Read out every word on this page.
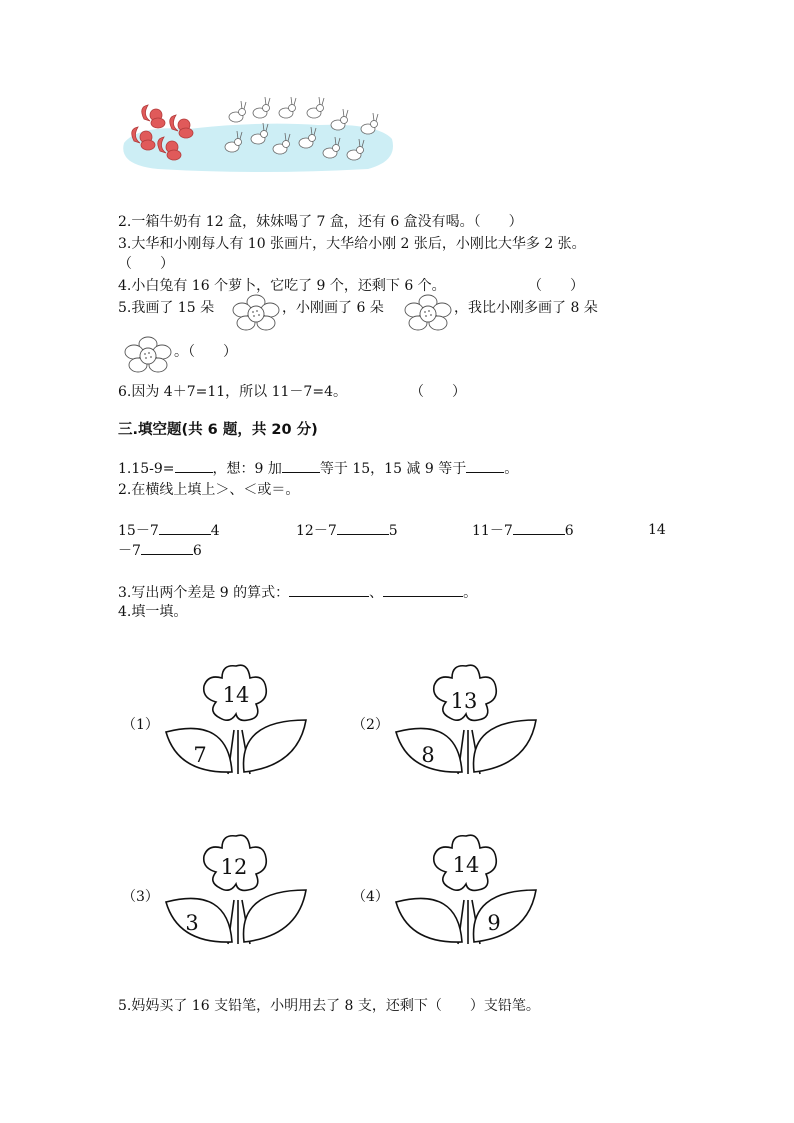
2.一箱牛奶有 12 盒，妹妹喝了 7 盒，还有 6 盒没有喝。（　　）
3.大华和小刚每人有 10 张画片，大华给小刚 2 张后，小刚比大华多 2 张。
（　　）
4.小白兔有 16 个萝卜，它吃了 9 个，还剩下 6 个。	（　　）
5.我画了 15 朵	，小刚画了 6 朵	，我比小刚多画了 8 朵
。（　　）
6.因为 4＋7=11，所以 11－7=4。	（　　）
三.填空题(共 6 题，共 20 分)
1.15-9=	，想：9 加	等于 15，15 减 9 等于	。
2.在横线上填上＞、＜或＝。
15－7	4	12－7	5	11－7	6	14
－7	6
3.写出两个差是 9 的算式：	、	。
4.填一填。
（1）
14
7
（2）
13
8
（3）
12
3
（4）
14
9
5.妈妈买了 16 支铅笔，小明用去了 8 支，还剩下（　　）支铅笔。
